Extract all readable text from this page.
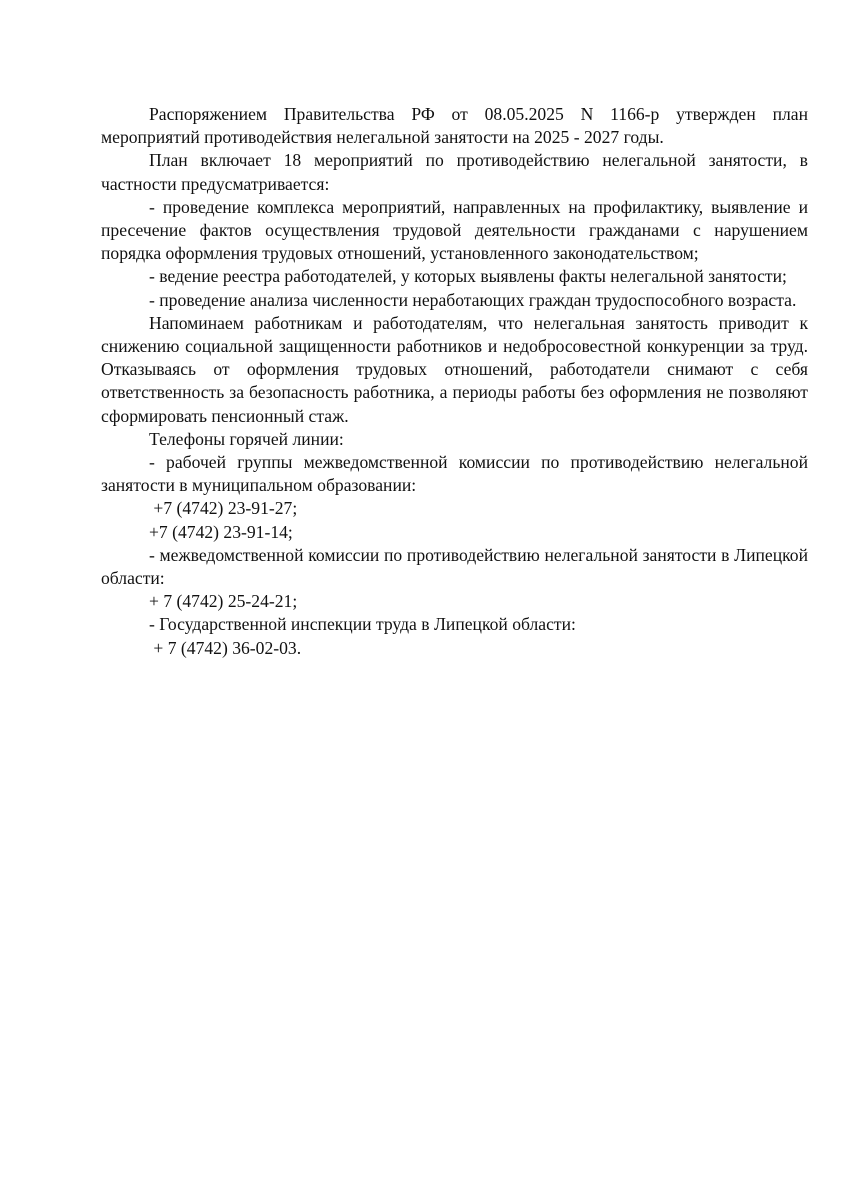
Распоряжением Правительства РФ от 08.05.2025 N 1166-р утвержден план мероприятий противодействия нелегальной занятости на 2025 - 2027 годы.

План включает 18 мероприятий по противодействию нелегальной занятости, в частности предусматривается:

- проведение комплекса мероприятий, направленных на профилактику, выявление и пресечение фактов осуществления трудовой деятельности гражданами с нарушением порядка оформления трудовых отношений, установленного законодательством;

- ведение реестра работодателей, у которых выявлены факты нелегальной занятости;

- проведение анализа численности неработающих граждан трудоспособного возраста.

Напоминаем работникам и работодателям, что нелегальная занятость приводит к снижению социальной защищенности работников и недобросовестной конкуренции за труд. Отказываясь от оформления трудовых отношений, работодатели снимают с себя ответственность за безопасность работника, а периоды работы без оформления не позволяют сформировать пенсионный стаж.

Телефоны горячей линии:

- рабочей группы межведомственной комиссии по противодействию нелегальной занятости в муниципальном образовании:

+7 (4742) 23-91-27;

+7 (4742) 23-91-14;

- межведомственной комиссии по противодействию нелегальной занятости в Липецкой области:

+ 7 (4742) 25-24-21;

- Государственной инспекции труда в Липецкой области:

+ 7 (4742) 36-02-03.
